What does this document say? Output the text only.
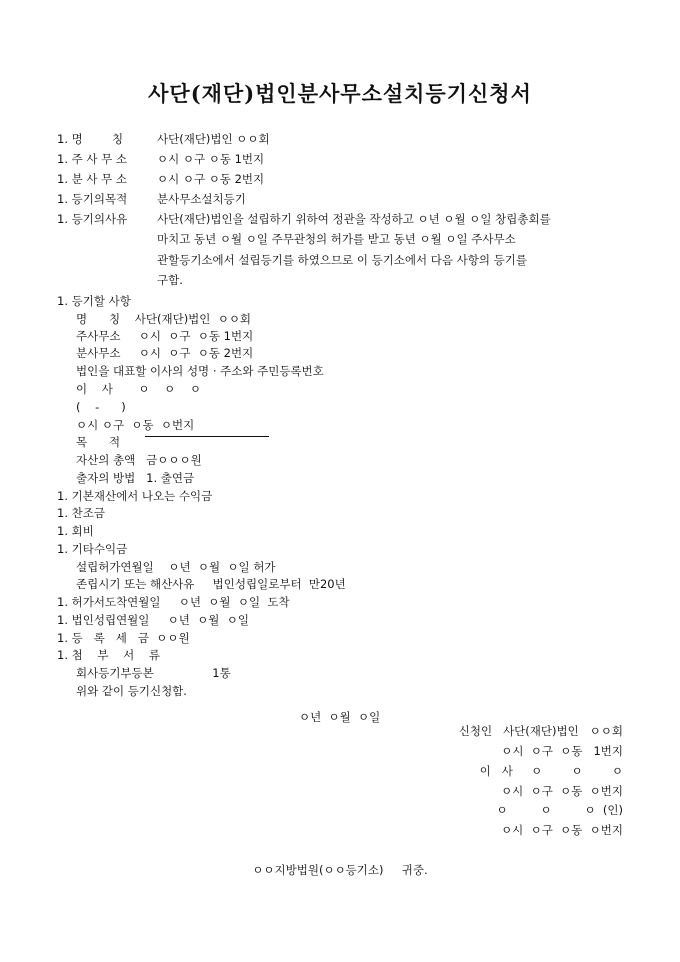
사단(재단)법인분사무소설치등기신청서
1. 명        칭	사단(재단)법인 ㅇㅇ회
1. 주 사 무 소	ㅇ시 ㅇ구 ㅇ동 1번지
1. 분 사 무 소	ㅇ시 ㅇ구 ㅇ동 2번지
1. 등기의목적	분사무소설치등기
1. 등기의사유	사단(재단)법인을 설립하기 위하여 정관을 작성하고 ㅇ년 ㅇ월 ㅇ일 창립총회를
마치고 동년 ㅇ월 ㅇ일 주무관청의 허가를 받고 동년 ㅇ월 ㅇ일 주사무소
관할등기소에서 설립등기를 하였으므로 이 등기소에서 다음 사항의 등기를
구함.
1. 등기할 사항
명      칭    사단(재단)법인  ㅇㅇ회
주사무소     ㅇ시  ㅇ구  ㅇ동 1번지
분사무소     ㅇ시  ㅇ구  ㅇ동 2번지
법인을 대표할 이사의 성명 · 주소와 주민등록번호
이    사       ㅇ    ㅇ    ㅇ
(    -      )
ㅇ시 ㅇ구  ㅇ동  ㅇ번지
목      적
자산의 총액   금ㅇㅇㅇ원
출자의 방법   1. 출연금
1. 기본재산에서 나오는 수익금
1. 찬조금
1. 회비
1. 기타수익금
설립허가연월일    ㅇ년  ㅇ월  ㅇ일 허가
존립시기 또는 해산사유     법인성립일로부터  만20년
1. 허가서도착연월일     ㅇ년  ㅇ월  ㅇ일  도착
1. 법인성립연월일     ㅇ년  ㅇ월  ㅇ일
1. 등   록   세   금  ㅇㅇ원
1. 첨    부    서    류
회사등기부등본                1통
위와 같이 등기신청함.
ㅇ년  ㅇ월  ㅇ일
신청인   사단(재단)법인   ㅇㅇ회
ㅇ시  ㅇ구  ㅇ동   1번지
이   사     ㅇ        ㅇ        ㅇ
ㅇ시  ㅇ구  ㅇ동  ㅇ번지
ㅇ         ㅇ         ㅇ  (인)
ㅇ시  ㅇ구  ㅇ동  ㅇ번지
ㅇㅇ지방법원(ㅇㅇ등기소)     귀중.
